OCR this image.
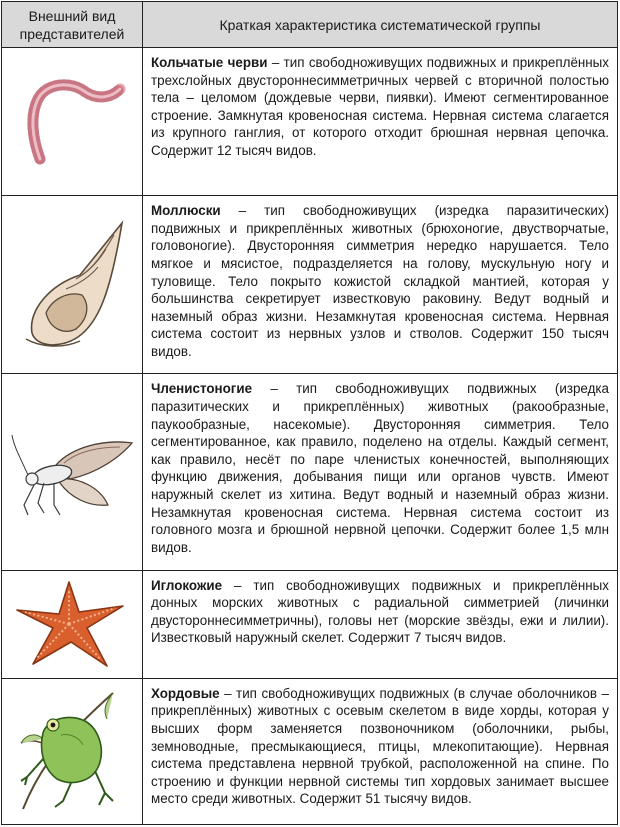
Внешний вид
представителей	Краткая характеристика систематической группы

	Кольчатые черви – тип свободноживущих подвижных и прикреплённых трехслойных двустороннесимметричных червей с вторичной полостью тела – целомом (дождевые черви, пиявки). Имеют сегментированное строение. Замкнутая кровеносная система. Нервная система слагается из крупного ганглия, от которого отходит брюшная нервная цепочка. Содержит 12 тысяч видов.

	Моллюски – тип свободноживущих (изредка паразитических) подвижных и прикреплённых животных (брюхоногие, двустворчатые, головоногие). Двусторонняя симметрия нередко нарушается. Тело мягкое и мясистое, подразделяется на голову, мускульную ногу и туловище. Тело покрыто кожистой складкой мантией, которая у большинства секретирует известковую раковину. Ведут водный и наземный образ жизни. Незамкнутая кровеносная система. Нервная система состоит из нервных узлов и стволов. Содержит 150 тысяч видов.

	Членистоногие – тип свободноживущих подвижных (изредка паразитических и прикреплённых) животных (ракообразные, паукообразные, насекомые). Двусторонняя симметрия. Тело сегментированное, как правило, поделено на отделы. Каждый сегмент, как правило, несёт по паре членистых конечностей, выполняющих функцию движения, добывания пищи или органов чувств. Имеют наружный скелет из хитина. Ведут водный и наземный образ жизни. Незамкнутая кровеносная система. Нервная система состоит из головного мозга и брюшной нервной цепочки. Содержит более 1,5 млн видов.

	Иглокожие – тип свободноживущих подвижных и прикреплённых донных морских животных с радиальной симметрией (личинки двустороннесимметричны), головы нет (морские звёзды, ежи и лилии). Известковый наружный скелет. Содержит 7 тысяч видов.

	Хордовые – тип свободноживущих подвижных (в случае оболочников – прикреплённых) животных с осевым скелетом в виде хорды, которая у высших форм заменяется позвоночником (оболочники, рыбы, земноводные, пресмыкающиеся, птицы, млекопитающие). Нервная система представлена нервной трубкой, расположенной на спине. По строению и функции нервной системы тип хордовых занимает высшее место среди животных. Содержит 51 тысячу видов.
